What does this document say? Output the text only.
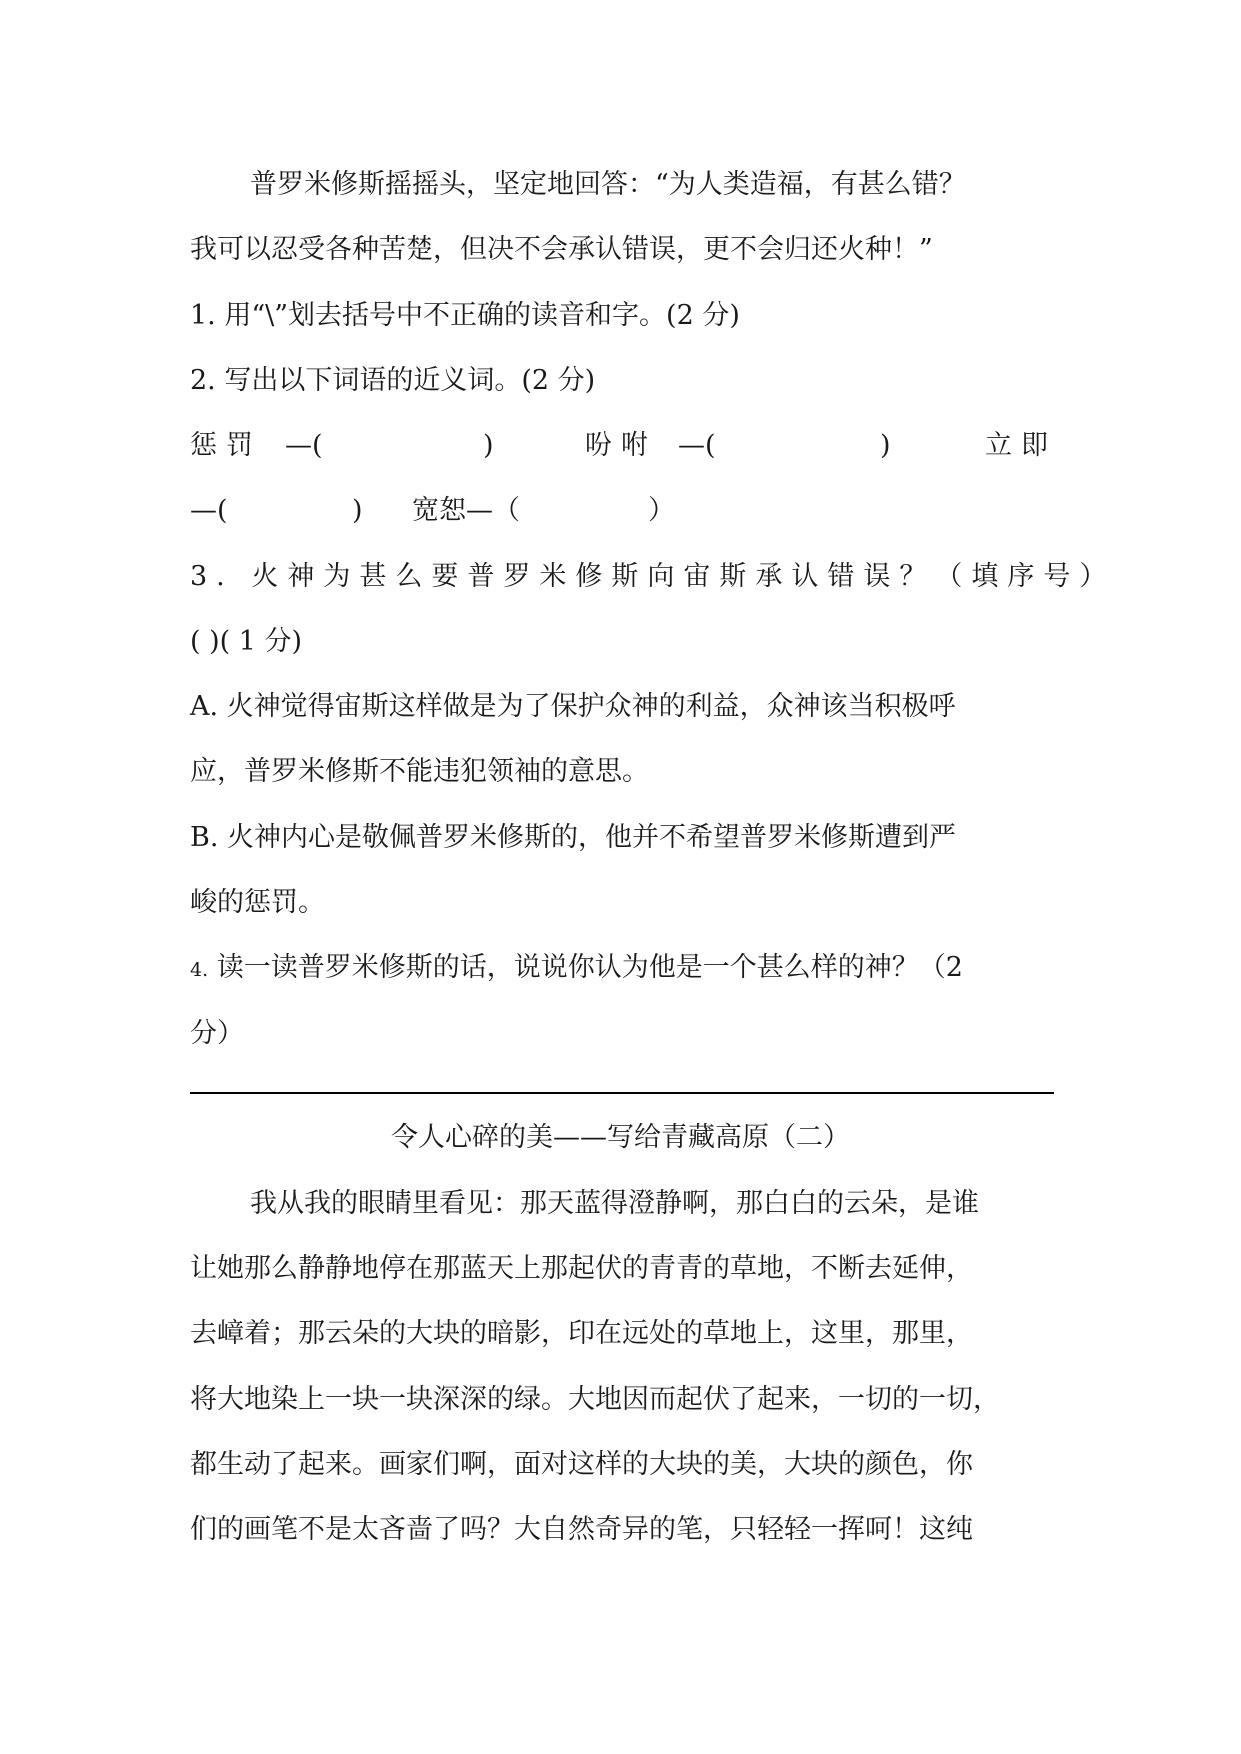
普罗米修斯摇摇头，坚定地回答：“为人类造福，有甚么错？
我可以忍受各种苦楚，但决不会承认错误，更不会归还火种！”
1. 用“\”划去括号中不正确的读音和字。(2 分)
2. 写出以下词语的近义词。(2 分)
惩罚 —(	)	吩咐 —(	)	立即
—(	) 宽恕 —（	）
3. 火神为甚么要普罗米修斯向宙斯承认错误？（填序号）
( )( 1 分)
A. 火神觉得宙斯这样做是为了保护众神的利益，众神该当积极呼
应，普罗米修斯不能违犯领袖的意思。
B. 火神内心是敬佩普罗米修斯的，他并不希望普罗米修斯遭到严
峻的惩罚。
4. 读一读普罗米修斯的话，说说你认为他是一个甚么样的神？（2
分）
令人心碎的美——写给青藏高原（二）
我从我的眼睛里看见：那天蓝得澄静啊，那白白的云朵，是谁
让她那么静静地停在那蓝天上那起伏的青青的草地，不断去延伸，
去嶂着；那云朵的大块的暗影，印在远处的草地上，这里，那里，
将大地染上一块一块深深的绿。大地因而起伏了起来，一切的一切，
都生动了起来。画家们啊，面对这样的大块的美，大块的颜色，你
们的画笔不是太吝啬了吗？大自然奇异的笔，只轻轻一挥呵！这纯
